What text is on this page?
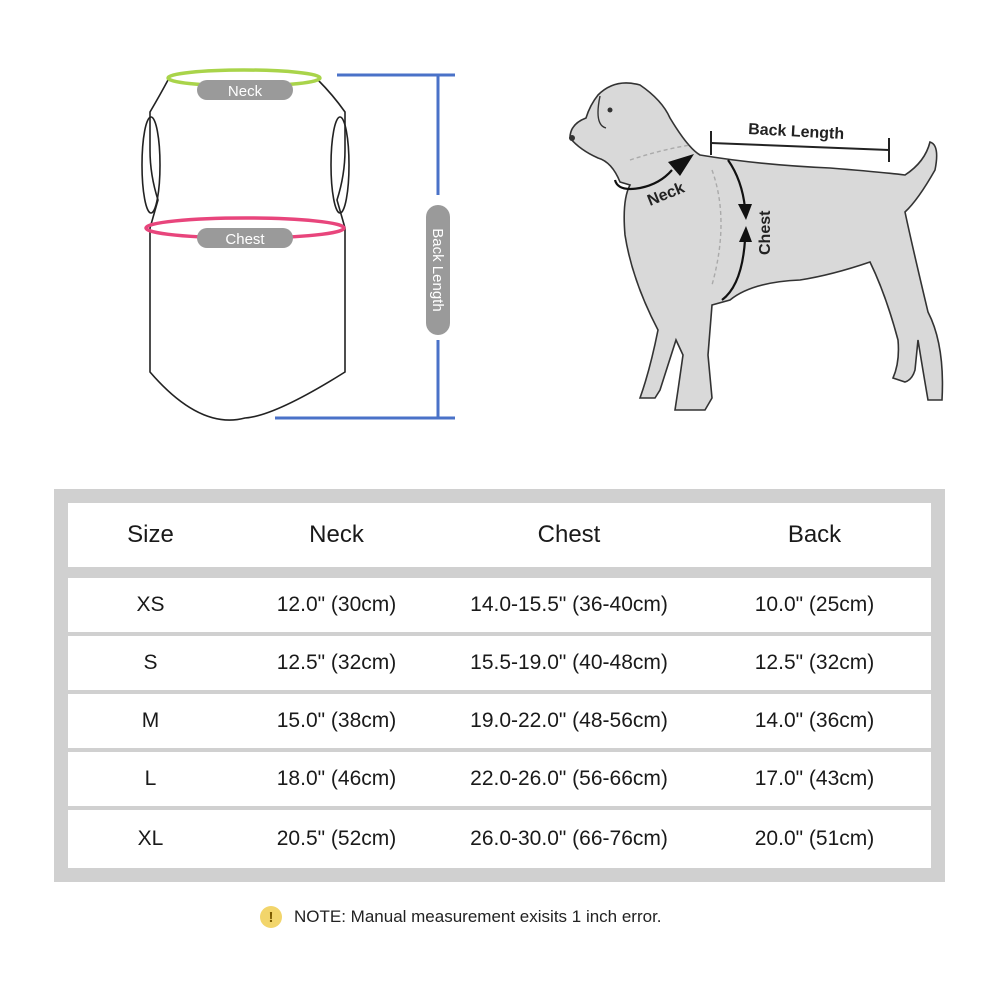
Neck
Chest	Back Length
Back Length
Neck
Chest
Size	Neck	Chest	Back
XS	12.0" (30cm)	14.0-15.5" (36-40cm)	10.0" (25cm)
S	12.5" (32cm)	15.5-19.0" (40-48cm)	12.5" (32cm)
M	15.0" (38cm)	19.0-22.0" (48-56cm)	14.0" (36cm)
L	18.0" (46cm)	22.0-26.0" (56-66cm)	17.0" (43cm)
XL	20.5" (52cm)	26.0-30.0" (66-76cm)	20.0" (51cm)
!	NOTE: Manual measurement exisits 1 inch error.
